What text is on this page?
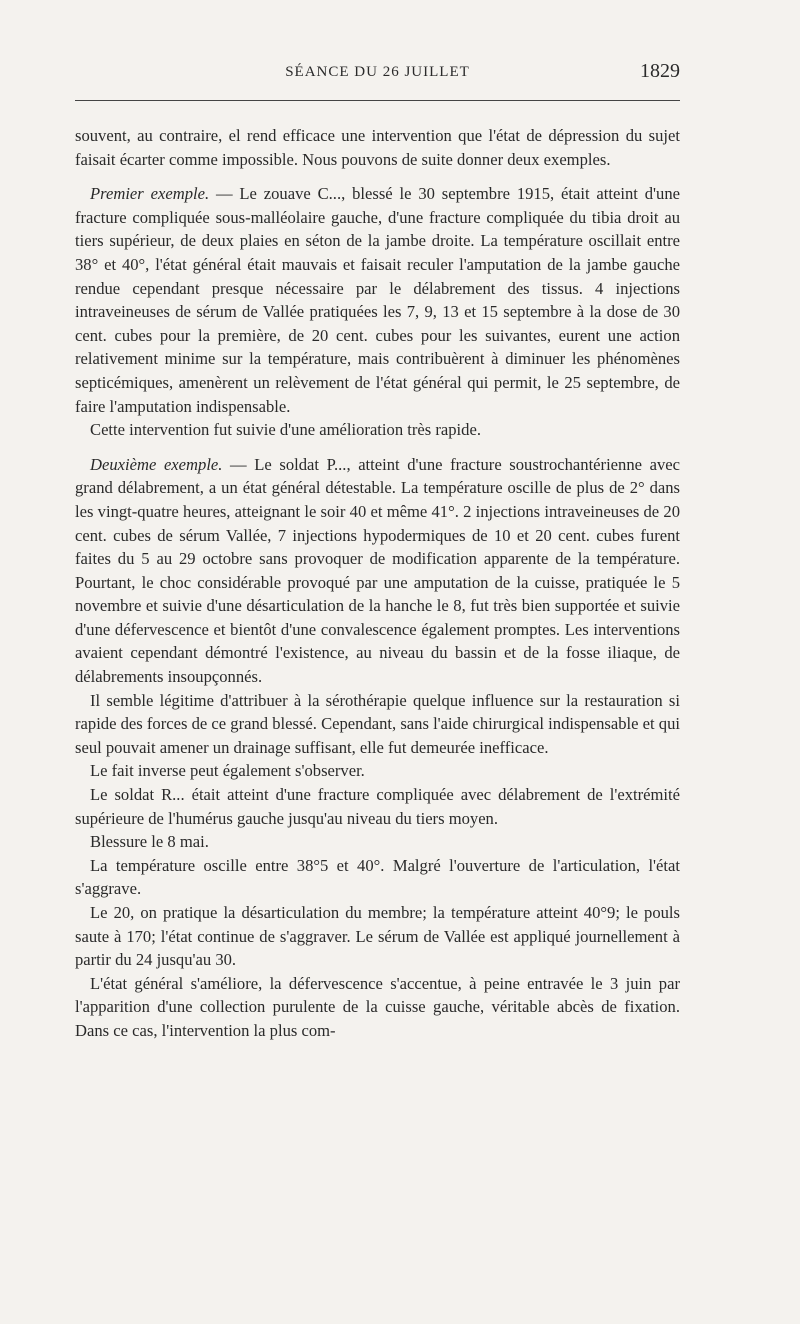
SÉANCE DU 26 JUILLET	1829

souvent, au contraire, el rend efficace une intervention que l'état de dépression du sujet faisait écarter comme impossible. Nous pouvons de suite donner deux exemples.

Premier exemple. — Le zouave C..., blessé le 30 septembre 1915, était atteint d'une fracture compliquée sous-malléolaire gauche, d'une fracture compliquée du tibia droit au tiers supérieur, de deux plaies en séton de la jambe droite. La température oscillait entre 38° et 40°, l'état général était mauvais et faisait reculer l'amputation de la jambe gauche rendue cependant presque nécessaire par le délabrement des tissus. 4 injections intraveineuses de sérum de Vallée pratiquées les 7, 9, 13 et 15 septembre à la dose de 30 cent. cubes pour la première, de 20 cent. cubes pour les suivantes, eurent une action relativement minime sur la température, mais contribuèrent à diminuer les phénomènes septicémiques, amenèrent un relèvement de l'état général qui permit, le 25 septembre, de faire l'amputation indispensable.

Cette intervention fut suivie d'une amélioration très rapide.

Deuxième exemple. — Le soldat P..., atteint d'une fracture soustrochantérienne avec grand délabrement, a un état général détestable. La température oscille de plus de 2° dans les vingt-quatre heures, atteignant le soir 40 et même 41°. 2 injections intraveineuses de 20 cent. cubes de sérum Vallée, 7 injections hypodermiques de 10 et 20 cent. cubes furent faites du 5 au 29 octobre sans provoquer de modification apparente de la température. Pourtant, le choc considérable provoqué par une amputation de la cuisse, pratiquée le 5 novembre et suivie d'une désarticulation de la hanche le 8, fut très bien supportée et suivie d'une défervescence et bientôt d'une convalescence également promptes. Les interventions avaient cependant démontré l'existence, au niveau du bassin et de la fosse iliaque, de délabrements insoupçonnés.

Il semble légitime d'attribuer à la sérothérapie quelque influence sur la restauration si rapide des forces de ce grand blessé. Cependant, sans l'aide chirurgical indispensable et qui seul pouvait amener un drainage suffisant, elle fut demeurée inefficace.

Le fait inverse peut également s'observer.

Le soldat R... était atteint d'une fracture compliquée avec délabrement de l'extrémité supérieure de l'humérus gauche jusqu'au niveau du tiers moyen.

Blessure le 8 mai.

La température oscille entre 38°5 et 40°. Malgré l'ouverture de l'articulation, l'état s'aggrave.

Le 20, on pratique la désarticulation du membre; la température atteint 40°9; le pouls saute à 170; l'état continue de s'aggraver. Le sérum de Vallée est appliqué journellement à partir du 24 jusqu'au 30.

L'état général s'améliore, la défervescence s'accentue, à peine entravée le 3 juin par l'apparition d'une collection purulente de la cuisse gauche, véritable abcès de fixation. Dans ce cas, l'intervention la plus com-
